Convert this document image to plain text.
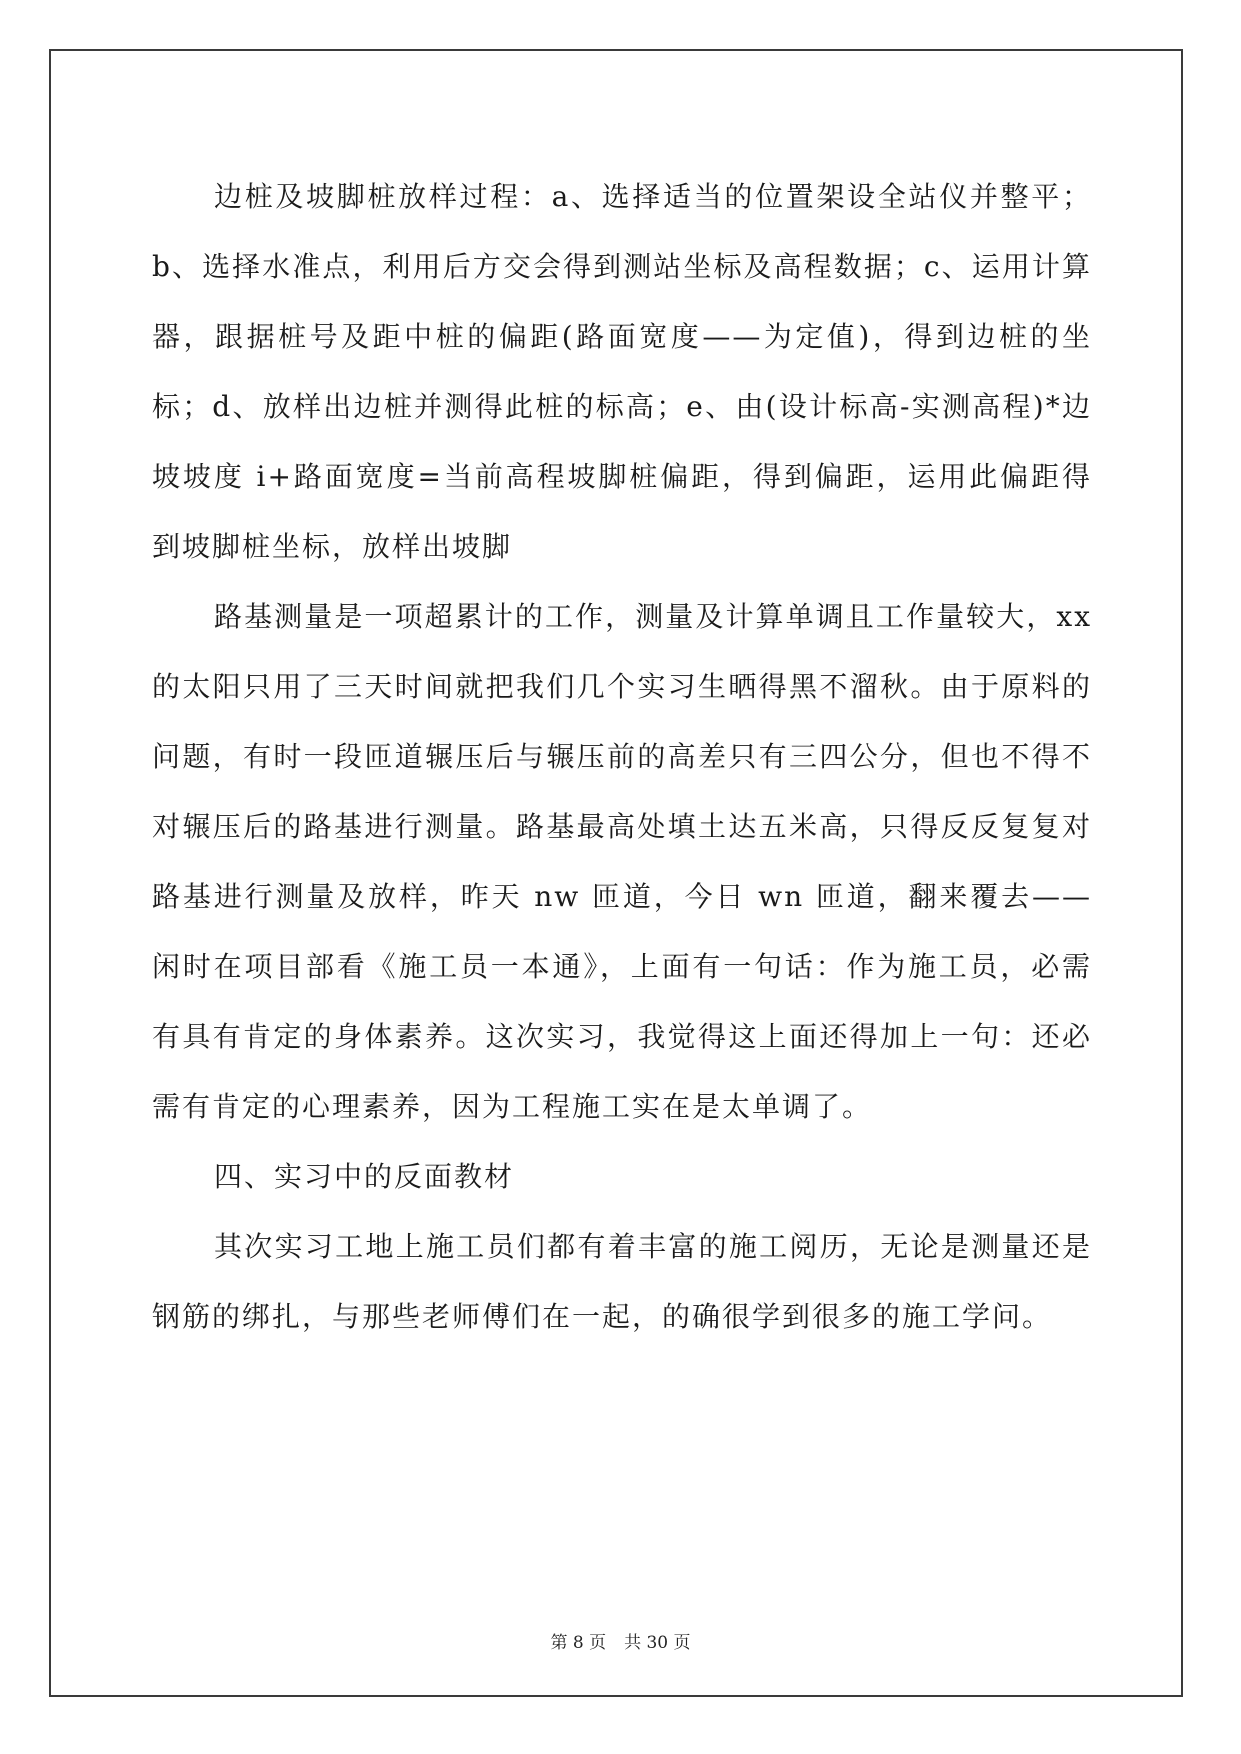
边桩及坡脚桩放样过程：a、选择适当的位置架设全站仪并整平；b、选择水准点，利用后方交会得到测站坐标及高程数据；c、运用计算器，跟据桩号及距中桩的偏距(路面宽度——为定值)，得到边桩的坐标；d、放样出边桩并测得此桩的标高；e、由(设计标高-实测高程)*边坡坡度 i+路面宽度=当前高程坡脚桩偏距，得到偏距，运用此偏距得到坡脚桩坐标，放样出坡脚

路基测量是一项超累计的工作，测量及计算单调且工作量较大，xx的太阳只用了三天时间就把我们几个实习生晒得黑不溜秋。由于原料的问题，有时一段匝道辗压后与辗压前的高差只有三四公分，但也不得不对辗压后的路基进行测量。路基最高处填土达五米高，只得反反复复对路基进行测量及放样，昨天 nw 匝道，今日 wn 匝道，翻来覆去——闲时在项目部看《施工员一本通》，上面有一句话：作为施工员，必需有具有肯定的身体素养。这次实习，我觉得这上面还得加上一句：还必需有肯定的心理素养，因为工程施工实在是太单调了。

四、实习中的反面教材

其次实习工地上施工员们都有着丰富的施工阅历，无论是测量还是钢筋的绑扎，与那些老师傅们在一起，的确很学到很多的施工学问。

第 8 页 共 30 页
